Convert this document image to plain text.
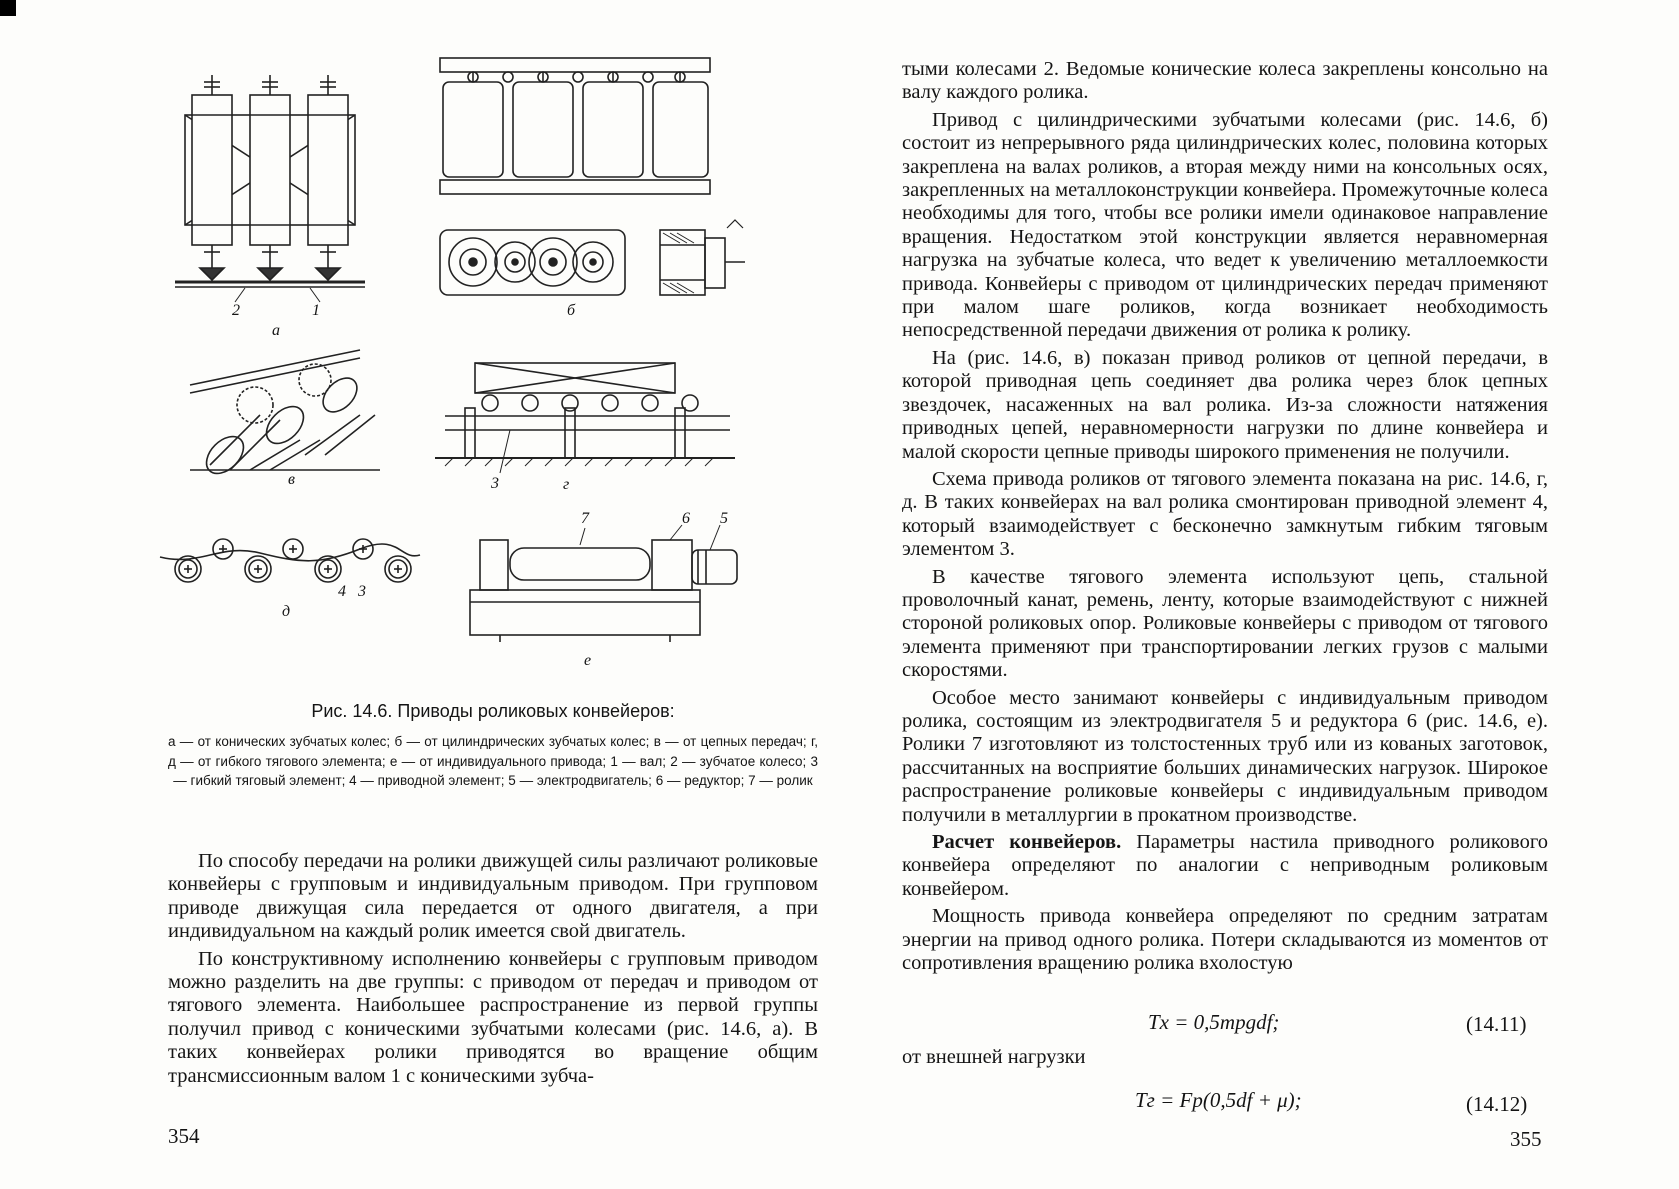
2	1
а
б
в	3	г
4 3
д
7	6 5
е
Рис. 14.6. Приводы роликовых конвейеров:
а — от конических зубчатых колес; б — от цилиндрических зубчатых колес; в — от цепных передач; г, д — от гибкого тягового элемента; е — от индивидуального привода; 1 — вал; 2 — зубчатое колесо; 3 — гибкий тяговый элемент; 4 — приводной элемент; 5 — электродвигатель; 6 — редуктор; 7 — ролик

По способу передачи на ролики движущей силы различают роликовые конвейеры с групповым и индивидуальным приводом. При групповом приводе движущая сила передается от одного двигателя, а при индивидуальном на каждый ролик имеется свой двигатель.

По конструктивному исполнению конвейеры с групповым приводом можно разделить на две группы: с приводом от передач и приводом от тягового элемента. Наибольшее распространение из первой группы получил привод с коническими зубчатыми колесами (рис. 14.6, а). В таких конвейерах ролики приводятся во вращение общим трансмиссионным валом 1 с коническими зубча-

354

тыми колесами 2. Ведомые конические колеса закреплены консольно на валу каждого ролика.

Привод с цилиндрическими зубчатыми колесами (рис. 14.6, б) состоит из непрерывного ряда цилиндрических колес, половина которых закреплена на валах роликов, а вторая между ними на консольных осях, закрепленных на металлоконструкции конвейера. Промежуточные колеса необходимы для того, чтобы все ролики имели одинаковое направление вращения. Недостатком этой конструкции является неравномерная нагрузка на зубчатые колеса, что ведет к увеличению металлоемкости привода. Конвейеры с приводом от цилиндрических передач применяют при малом шаге роликов, когда возникает необходимость непосредственной передачи движения от ролика к ролику.

На (рис. 14.6, в) показан привод роликов от цепной передачи, в которой приводная цепь соединяет два ролика через блок цепных звездочек, насаженных на вал ролика. Из-за сложности натяжения приводных цепей, неравномерности нагрузки по длине конвейера и малой скорости цепные приводы широкого применения не получили.

Схема привода роликов от тягового элемента показана на рис. 14.6, г, д. В таких конвейерах на вал ролика смонтирован приводной элемент 4, который взаимодействует с бесконечно замкнутым гибким тяговым элементом 3.

В качестве тягового элемента используют цепь, стальной проволочный канат, ремень, ленту, которые взаимодействуют с нижней стороной роликовых опор. Роликовые конвейеры с приводом от тягового элемента применяют при транспортировании легких грузов с малыми скоростями.

Особое место занимают конвейеры с индивидуальным приводом ролика, состоящим из электродвигателя 5 и редуктора 6 (рис. 14.6, е). Ролики 7 изготовляют из толстостенных труб или из кованых заготовок, рассчитанных на восприятие больших динамических нагрузок. Широкое распространение роликовые конвейеры с индивидуальным приводом получили в металлургии в прокатном производстве.

Расчет конвейеров. Параметры настила приводного роликового конвейера определяют по аналогии с неприводным роликовым конвейером.

Мощность привода конвейера определяют по средним затратам энергии на привод одного ролика. Потери складываются из моментов от сопротивления вращению ролика вхолостую

Tх = 0,5mрgdf;	(14.11)

от внешней нагрузки

Tг = Fр(0,5df + μ);	(14.12)
355
